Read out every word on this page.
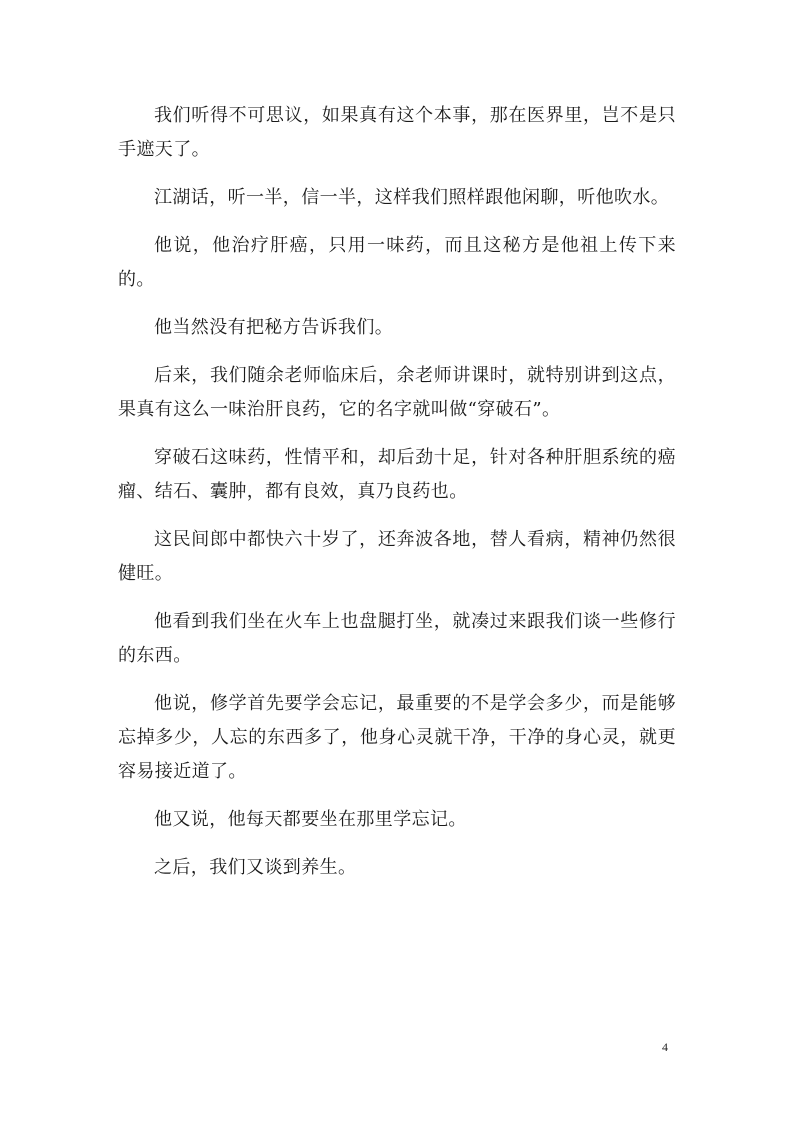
我们听得不可思议，如果真有这个本事，那在医界里，岂不是只手遮天了。

江湖话，听一半，信一半，这样我们照样跟他闲聊，听他吹水。

他说，他治疗肝癌，只用一味药，而且这秘方是他祖上传下来的。

他当然没有把秘方告诉我们。

后来，我们随余老师临床后，余老师讲课时，就特别讲到这点，果真有这么一味治肝良药，它的名字就叫做“穿破石”。

穿破石这味药，性情平和，却后劲十足，针对各种肝胆系统的癌瘤、结石、囊肿，都有良效，真乃良药也。

这民间郎中都快六十岁了，还奔波各地，替人看病，精神仍然很健旺。

他看到我们坐在火车上也盘腿打坐，就凑过来跟我们谈一些修行的东西。

他说，修学首先要学会忘记，最重要的不是学会多少，而是能够忘掉多少，人忘的东西多了，他身心灵就干净，干净的身心灵，就更容易接近道了。

他又说，他每天都要坐在那里学忘记。

之后，我们又谈到养生。

4
